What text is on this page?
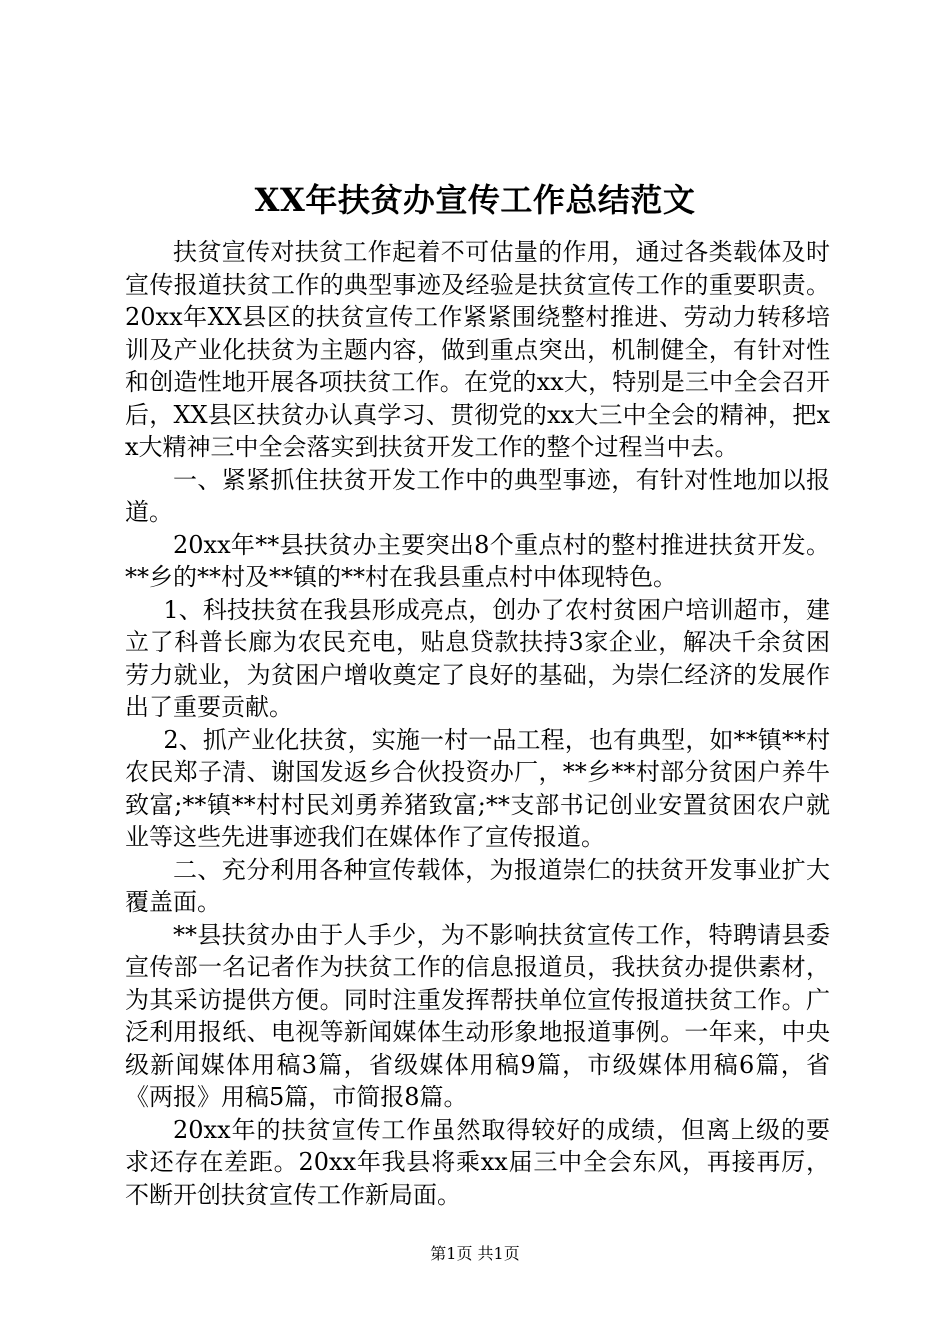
XX年扶贫办宣传工作总结范文

扶贫宣传对扶贫工作起着不可估量的作用，通过各类载体及时宣传报道扶贫工作的典型事迹及经验是扶贫宣传工作的重要职责。20xx年XX县区的扶贫宣传工作紧紧围绕整村推进、劳动力转移培训及产业化扶贫为主题内容，做到重点突出，机制健全，有针对性和创造性地开展各项扶贫工作。在党的xx大，特别是三中全会召开后，XX县区扶贫办认真学习、贯彻党的xx大三中全会的精神，把xx大精神三中全会落实到扶贫开发工作的整个过程当中去。

一、紧紧抓住扶贫开发工作中的典型事迹，有针对性地加以报道。

20xx年**县扶贫办主要突出8个重点村的整村推进扶贫开发。**乡的**村及**镇的**村在我县重点村中体现特色。

1、科技扶贫在我县形成亮点，创办了农村贫困户培训超市，建立了科普长廊为农民充电，贴息贷款扶持3家企业，解决千余贫困劳力就业，为贫困户增收奠定了良好的基础，为崇仁经济的发展作出了重要贡献。

2、抓产业化扶贫，实施一村一品工程，也有典型，如**镇**村农民郑子清、谢国发返乡合伙投资办厂，**乡**村部分贫困户养牛致富;**镇**村村民刘勇养猪致富;**支部书记创业安置贫困农户就业等这些先进事迹我们在媒体作了宣传报道。

二、充分利用各种宣传载体，为报道崇仁的扶贫开发事业扩大覆盖面。

**县扶贫办由于人手少，为不影响扶贫宣传工作，特聘请县委宣传部一名记者作为扶贫工作的信息报道员，我扶贫办提供素材，为其采访提供方便。同时注重发挥帮扶单位宣传报道扶贫工作。广泛利用报纸、电视等新闻媒体生动形象地报道事例。一年来，中央级新闻媒体用稿3篇，省级媒体用稿9篇，市级媒体用稿6篇，省《两报》用稿5篇，市简报8篇。

20xx年的扶贫宣传工作虽然取得较好的成绩，但离上级的要求还存在差距。20xx年我县将乘xx届三中全会东风，再接再厉，不断开创扶贫宣传工作新局面。

第1页 共1页
